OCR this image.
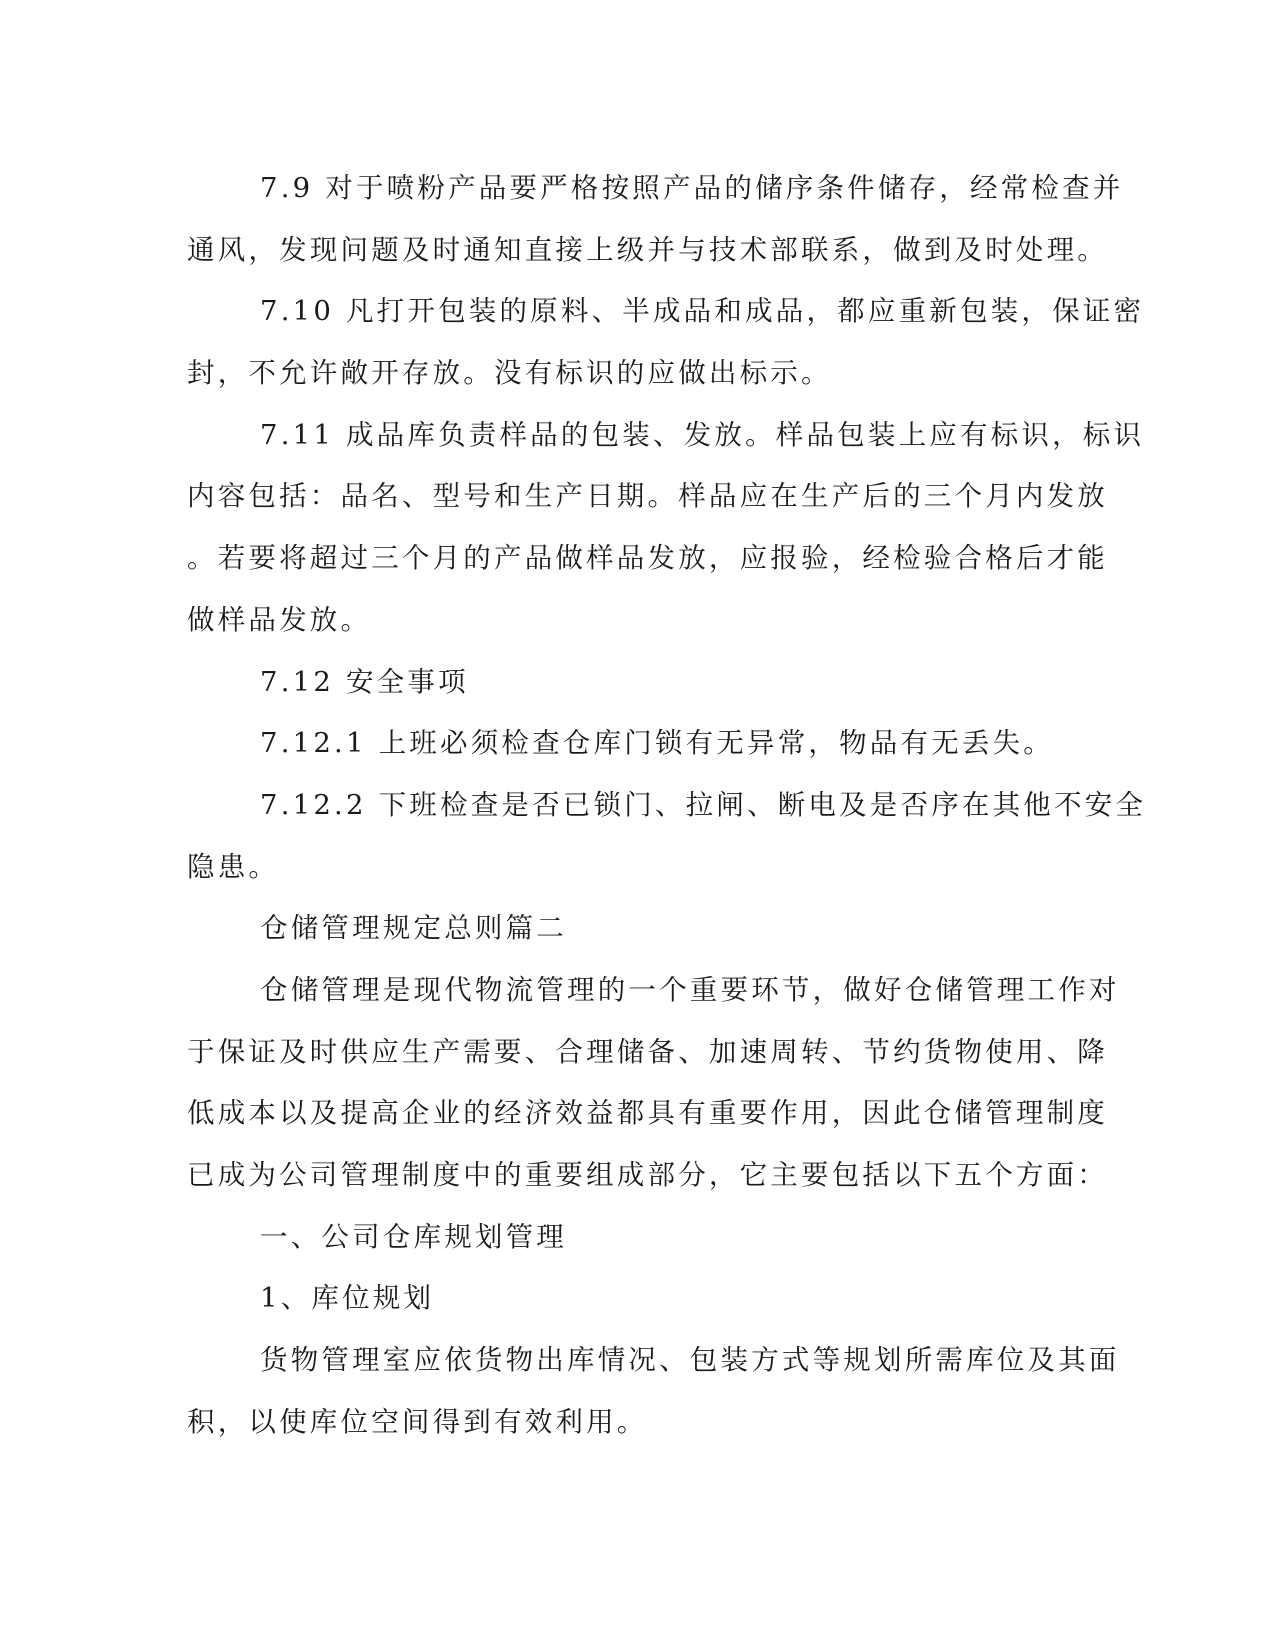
7.9 对于喷粉产品要严格按照产品的储序条件储存，经常检查并
通风，发现问题及时通知直接上级并与技术部联系，做到及时处理。
7.10 凡打开包装的原料、半成品和成品，都应重新包装，保证密
封，不允许敞开存放。没有标识的应做出标示。
7.11 成品库负责样品的包装、发放。样品包装上应有标识，标识
内容包括：品名、型号和生产日期。样品应在生产后的三个月内发放
。若要将超过三个月的产品做样品发放，应报验，经检验合格后才能
做样品发放。
7.12 安全事项
7.12.1 上班必须检查仓库门锁有无异常，物品有无丢失。
7.12.2 下班检查是否已锁门、拉闸、断电及是否序在其他不安全
隐患。
仓储管理规定总则篇二
仓储管理是现代物流管理的一个重要环节，做好仓储管理工作对
于保证及时供应生产需要、合理储备、加速周转、节约货物使用、降
低成本以及提高企业的经济效益都具有重要作用，因此仓储管理制度
已成为公司管理制度中的重要组成部分，它主要包括以下五个方面：
一、公司仓库规划管理
1、库位规划
货物管理室应依货物出库情况、包装方式等规划所需库位及其面
积，以使库位空间得到有效利用。
